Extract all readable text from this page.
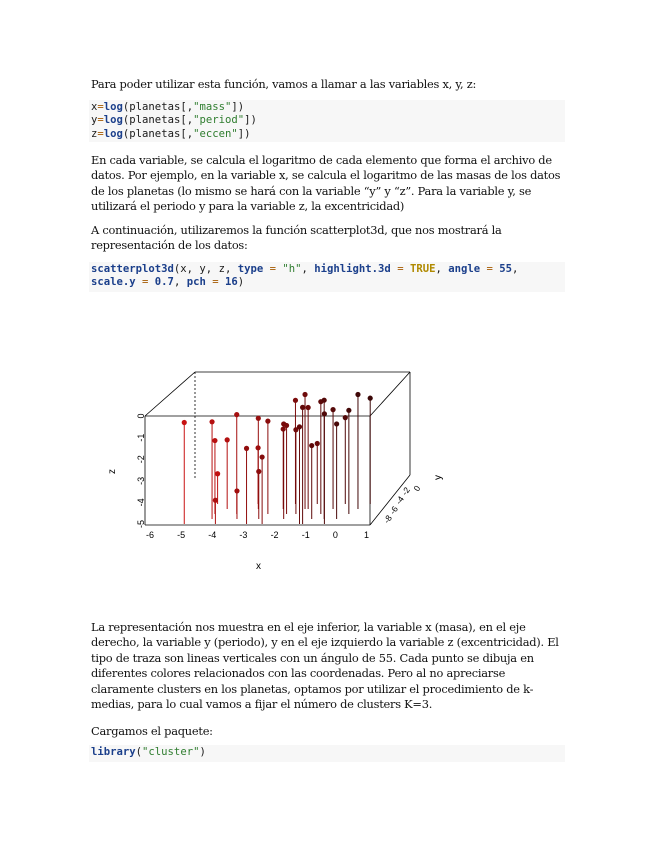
Para poder utilizar esta función, vamos a llamar a las variables x, y, z:

x=log(planetas[,"mass"])
y=log(planetas[,"period"])
z=log(planetas[,"eccen"])

En cada variable, se calcula el logaritmo de cada elemento que forma el archivo de datos. Por ejemplo, en la variable x, se calcula el logaritmo de las masas de los datos de los planetas (lo mismo se hará con la variable “y” y “z”. Para la variable y, se utilizará el periodo y para la variable z, la excentricidad)

A continuación, utilizaremos la función scatterplot3d, que nos mostrará la representación de los datos:

scatterplot3d(x, y, z, type = "h", highlight.3d = TRUE, angle = 55,
scale.y = 0.7, pch = 16)
-8
-6
-4
-2 0
y
-6	-5	-4	-3	-2	-1	0	1
-5
-4
-3
-2
-1
0
x
z

La representación nos muestra en el eje inferior, la variable x (masa), en el eje derecho, la variable y (periodo), y en el eje izquierdo la variable z (excentricidad). El tipo de traza son lineas verticales con un ángulo de 55. Cada punto se dibuja en diferentes colores relacionados con las coordenadas. Pero al no apreciarse claramente clusters en los planetas, optamos por utilizar el procedimiento de k-medias, para lo cual vamos a fijar el número de clusters K=3.

Cargamos el paquete:

library("cluster")
